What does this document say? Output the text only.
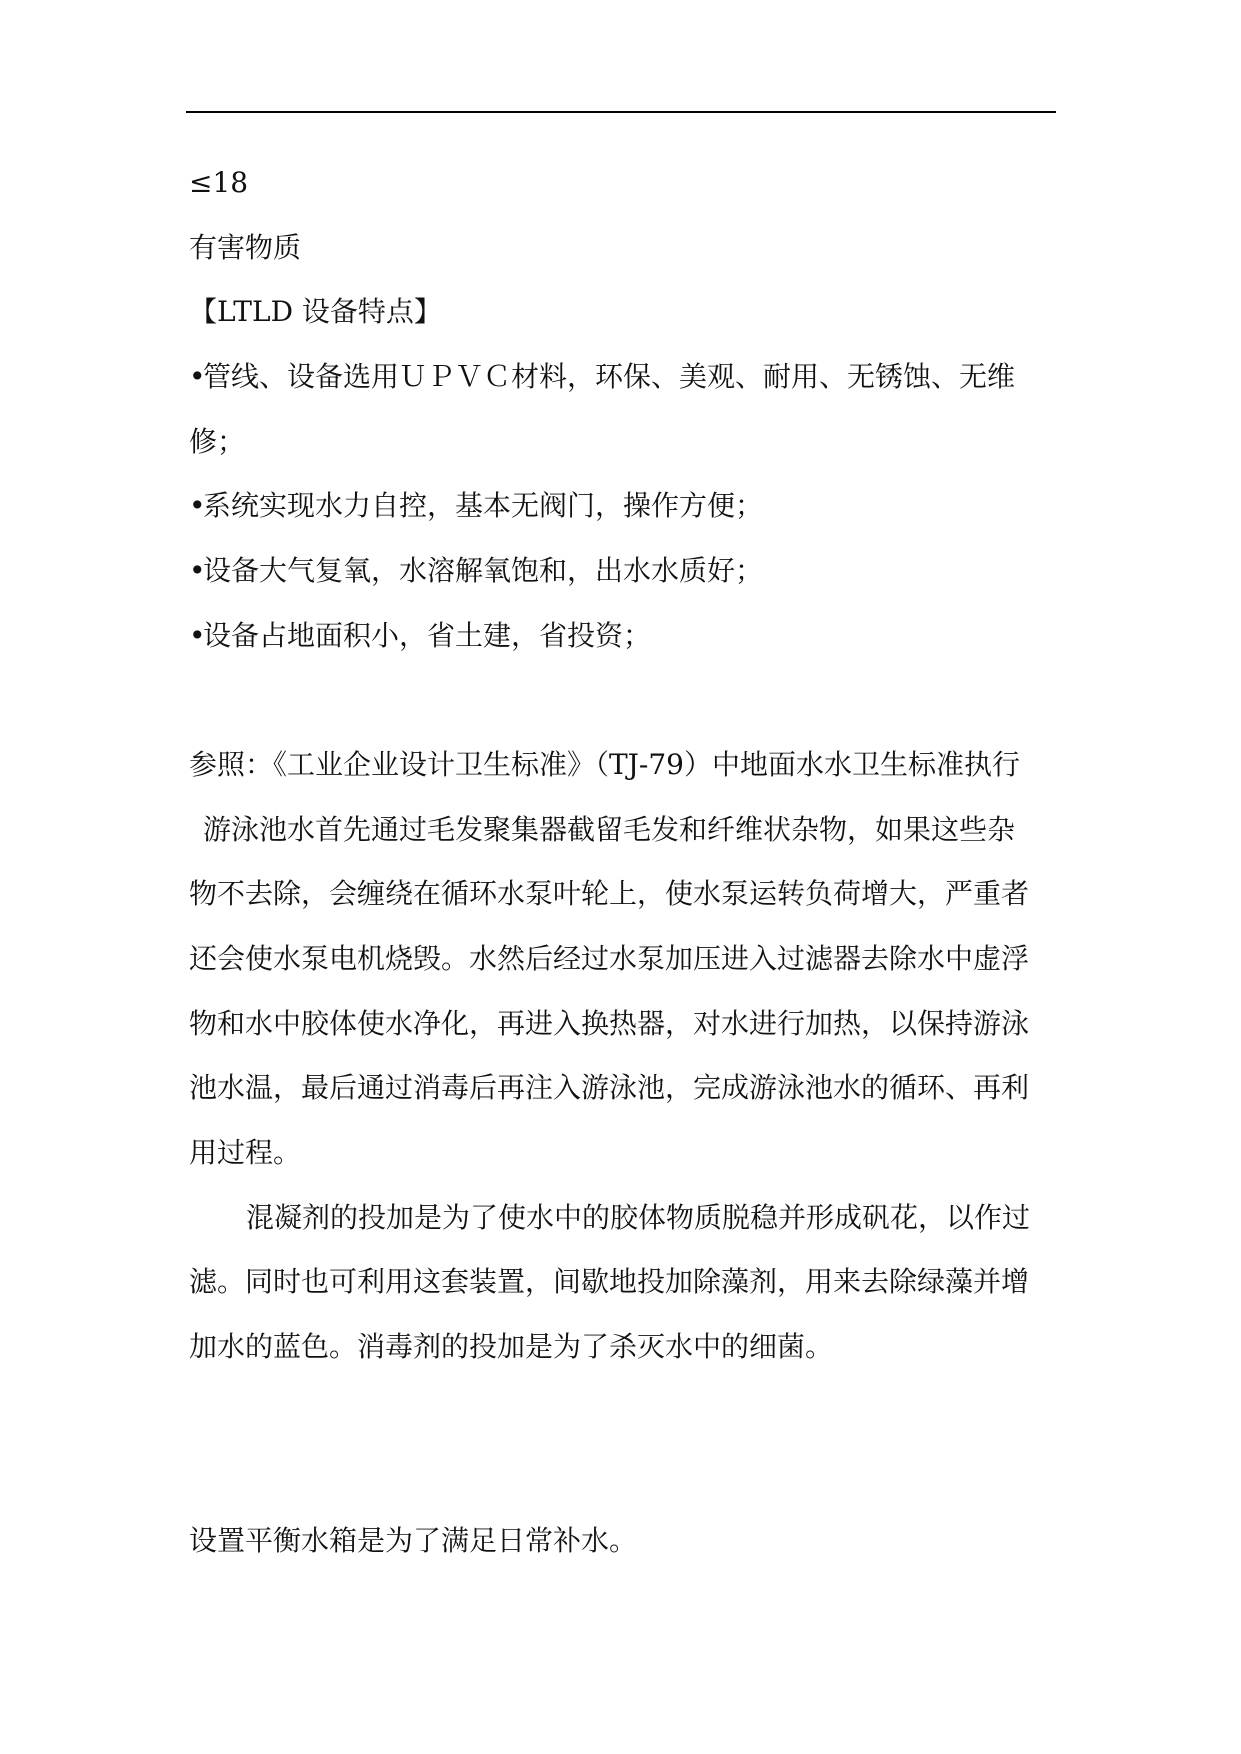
≤18
有害物质
【LTLD 设备特点】
•管线、设备选用ＵＰＶＣ材料，环保、美观、耐用、无锈蚀、无维
修；
•系统实现水力自控，基本无阀门，操作方便；
•设备大气复氧，水溶解氧饱和，出水水质好；
•设备占地面积小，省土建，省投资；
参照：《工业企业设计卫生标准》（TJ-79）中地面水水卫生标准执行
游泳池水首先通过毛发聚集器截留毛发和纤维状杂物，如果这些杂
物不去除，会缠绕在循环水泵叶轮上，使水泵运转负荷增大，严重者
还会使水泵电机烧毁。水然后经过水泵加压进入过滤器去除水中虚浮
物和水中胶体使水净化，再进入换热器，对水进行加热，以保持游泳
池水温，最后通过消毒后再注入游泳池，完成游泳池水的循环、再利
用过程。
混凝剂的投加是为了使水中的胶体物质脱稳并形成矾花，以作过
滤。同时也可利用这套装置，间歇地投加除藻剂，用来去除绿藻并增
加水的蓝色。消毒剂的投加是为了杀灭水中的细菌。
设置平衡水箱是为了满足日常补水。
